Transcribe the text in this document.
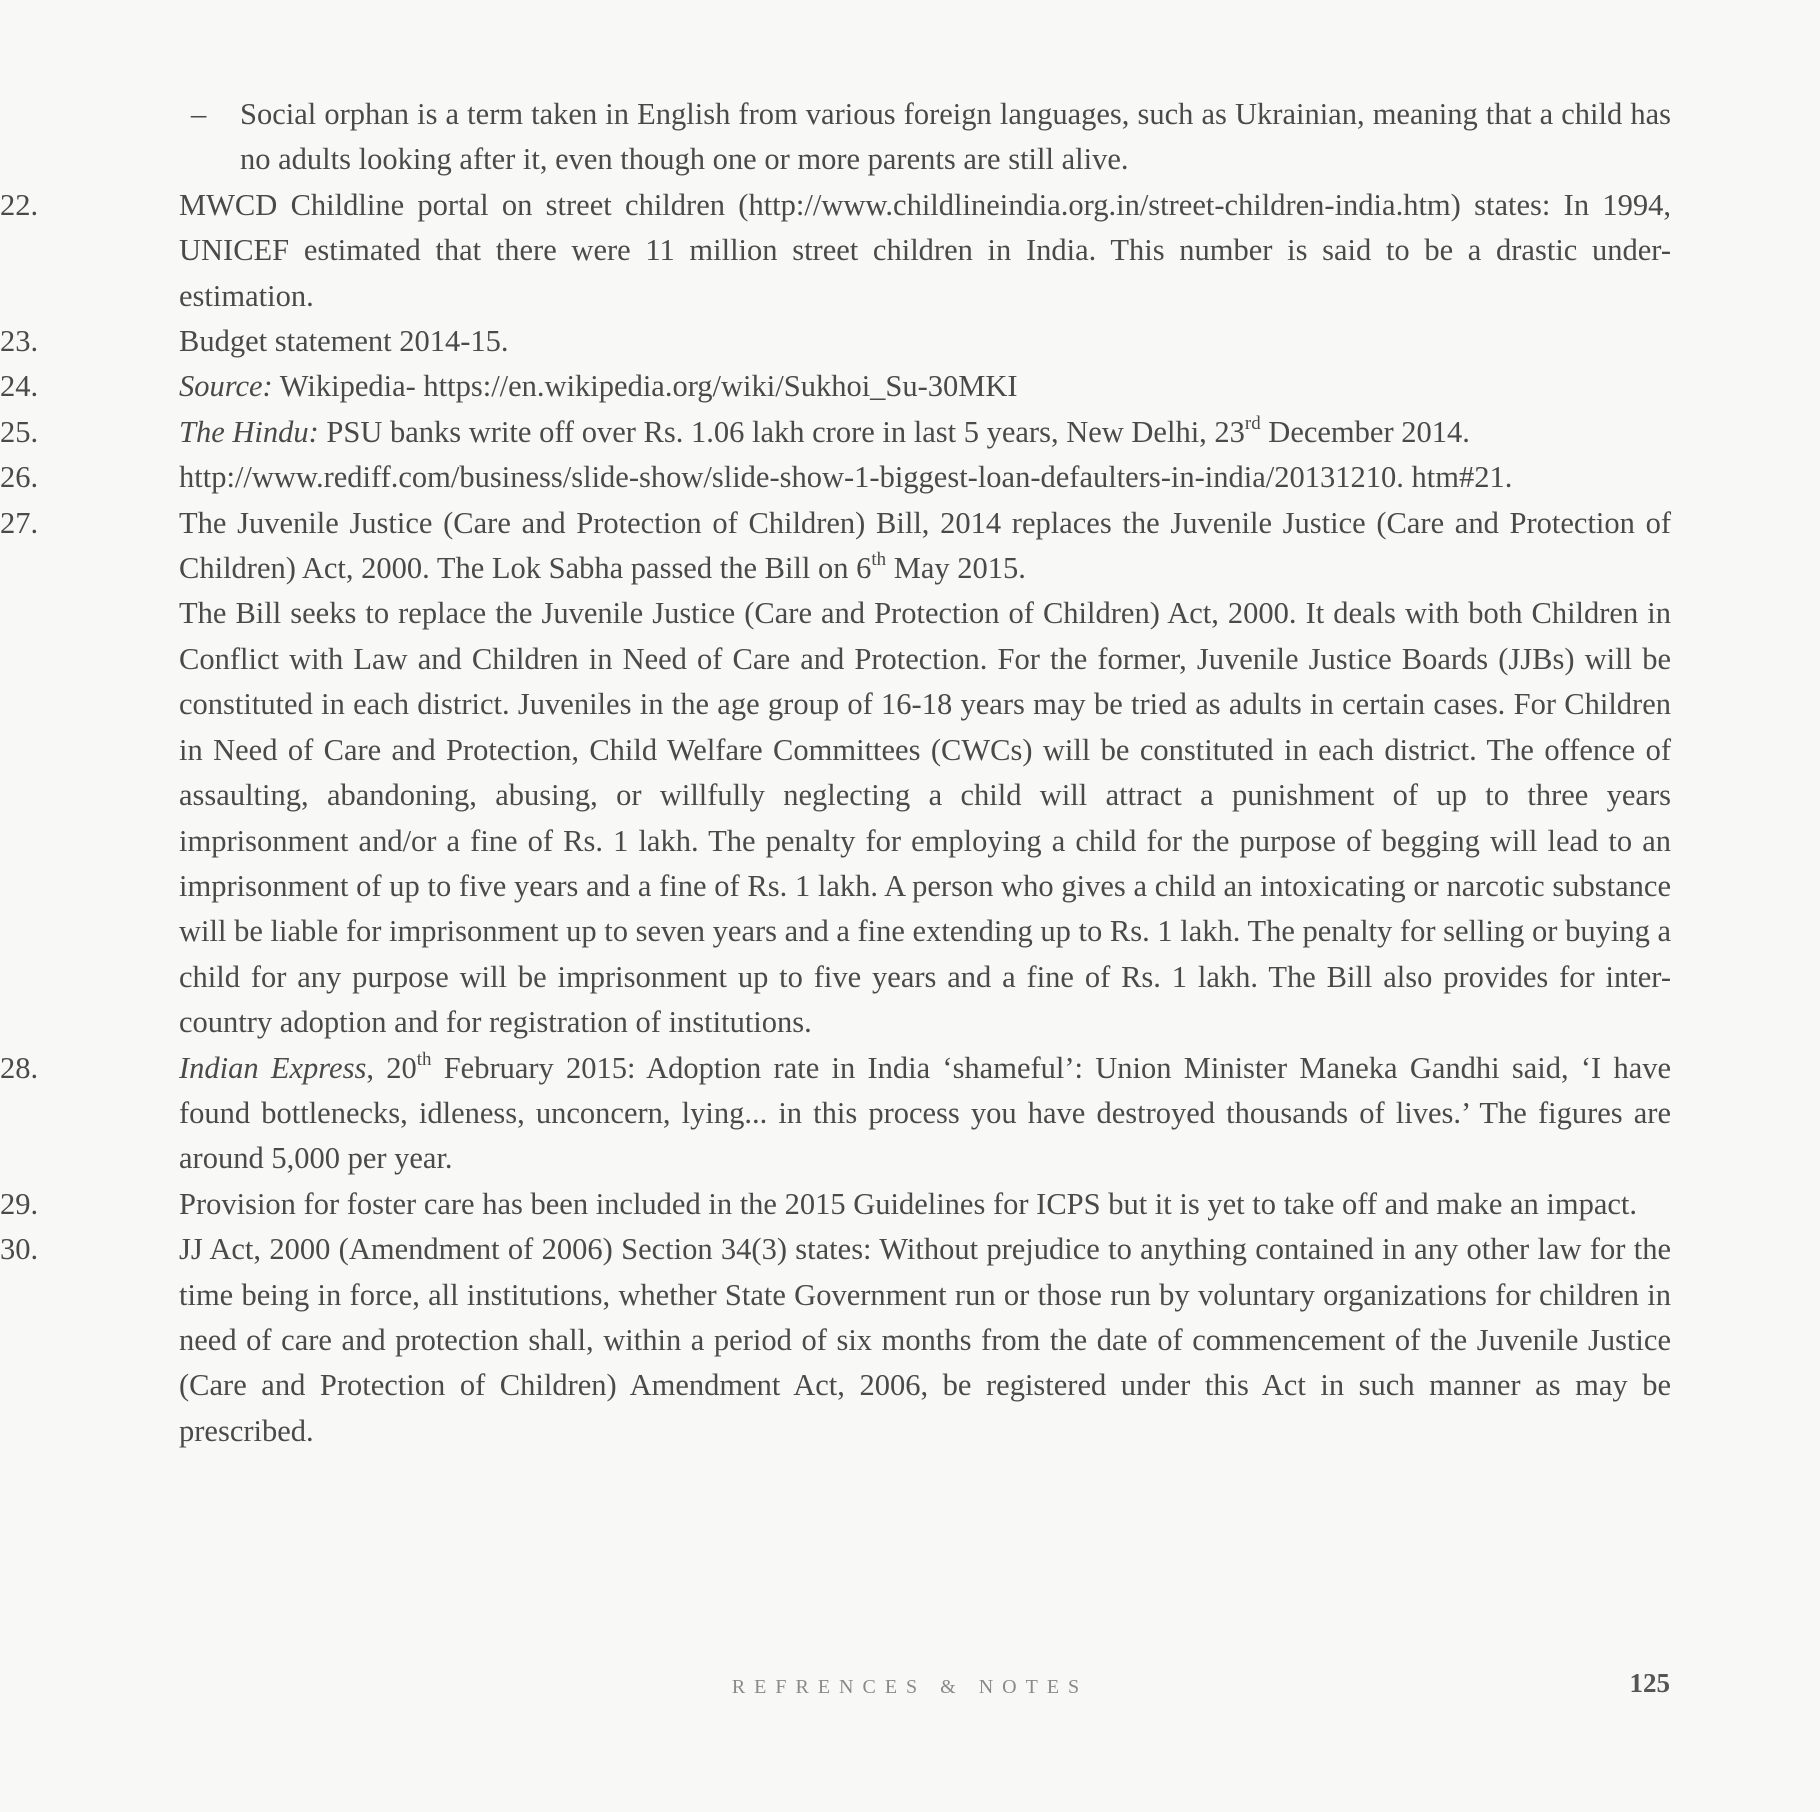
–	Social orphan is a term taken in English from various foreign languages, such as Ukrainian, meaning that a child has no adults looking after it, even though one or more parents are still alive.
22.	MWCD Childline portal on street children (http://www.childlineindia.org.in/street-children-india.htm) states: In 1994, UNICEF estimated that there were 11 million street children in India. This number is said to be a drastic under-estimation.
23.	Budget statement 2014-15.
24.	Source: Wikipedia- https://en.wikipedia.org/wiki/Sukhoi_Su-30MKI
25.	The Hindu: PSU banks write off over Rs. 1.06 lakh crore in last 5 years, New Delhi, 23rd December 2014.
26.	http://www.rediff.com/business/slide-show/slide-show-1-biggest-loan-defaulters-in-india/20131210. htm#21.
27.	The Juvenile Justice (Care and Protection of Children) Bill, 2014 replaces the Juvenile Justice (Care and Protection of Children) Act, 2000. The Lok Sabha passed the Bill on 6th May 2015.
The Bill seeks to replace the Juvenile Justice (Care and Protection of Children) Act, 2000. It deals with both Children in Conflict with Law and Children in Need of Care and Protection. For the former, Juvenile Justice Boards (JJBs) will be constituted in each district. Juveniles in the age group of 16-18 years may be tried as adults in certain cases. For Children in Need of Care and Protection, Child Welfare Committees (CWCs) will be constituted in each district. The offence of assaulting, abandoning, abusing, or willfully neglecting a child will attract a punishment of up to three years imprisonment and/or a fine of Rs. 1 lakh. The penalty for employing a child for the purpose of begging will lead to an imprisonment of up to five years and a fine of Rs. 1 lakh. A person who gives a child an intoxicating or narcotic substance will be liable for imprisonment up to seven years and a fine extending up to Rs. 1 lakh. The penalty for selling or buying a child for any purpose will be imprisonment up to five years and a fine of Rs. 1 lakh. The Bill also provides for inter-country adoption and for registration of institutions.
28.	Indian Express, 20th February 2015: Adoption rate in India ‘shameful’: Union Minister Maneka Gandhi said, ‘I have found bottlenecks, idleness, unconcern, lying... in this process you have destroyed thousands of lives.’ The figures are around 5,000 per year.
29.	Provision for foster care has been included in the 2015 Guidelines for ICPS but it is yet to take off and make an impact.
30.	JJ Act, 2000 (Amendment of 2006) Section 34(3) states: Without prejudice to anything contained in any other law for the time being in force, all institutions, whether State Government run or those run by voluntary organizations for children in need of care and protection shall, within a period of six months from the date of commencement of the Juvenile Justice (Care and Protection of Children) Amendment Act, 2006, be registered under this Act in such manner as may be prescribed.
REFRENCES & NOTES	125
